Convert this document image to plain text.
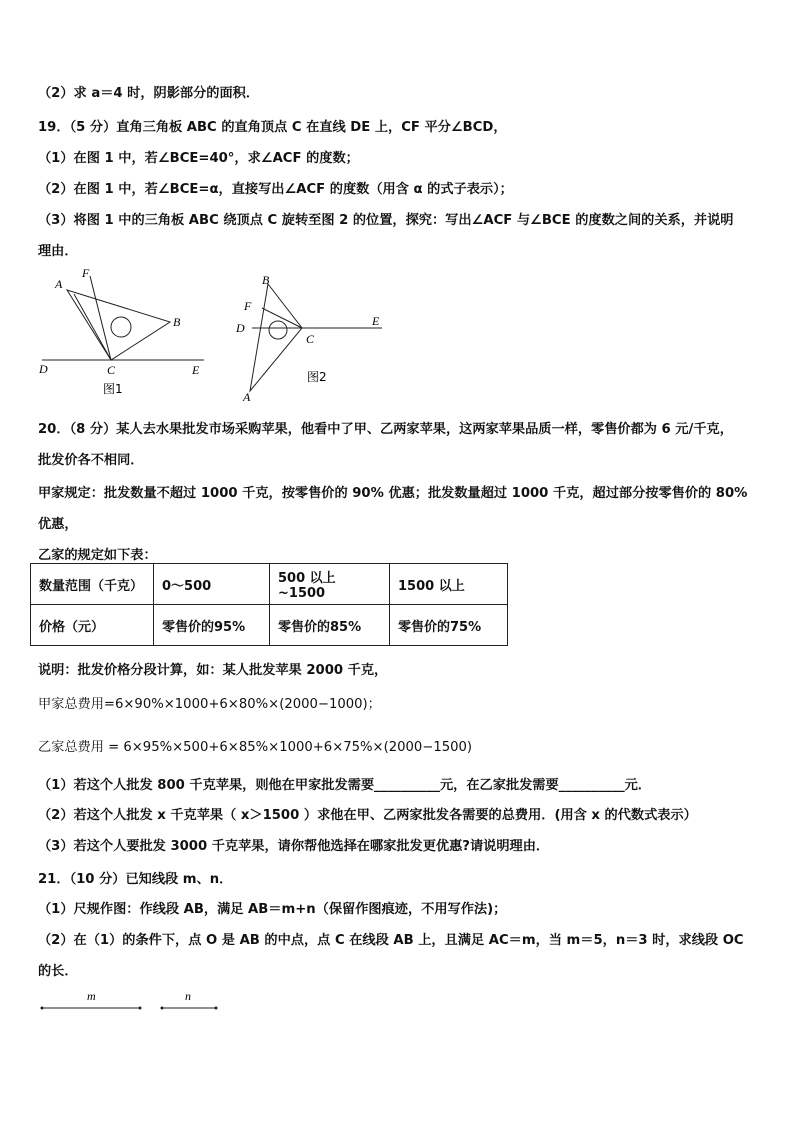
（2）求 a＝4 时，阴影部分的面积．
19．（5 分）直角三角板 ABC 的直角顶点 C 在直线 DE 上，CF 平分∠BCD，
（1）在图 1 中，若∠BCE=40°，求∠ACF 的度数；
（2）在图 1 中，若∠BCE=α，直接写出∠ACF 的度数（用含 α 的式子表示）；
（3）将图 1 中的三角板 ABC 绕顶点 C 旋转至图 2 的位置，探究：写出∠ACF 与∠BCE 的度数之间的关系，并说明
理由．
A
F
B
D	C	E
图1
B
F
D
C
E
A
图2
20．（8 分）某人去水果批发市场采购苹果，他看中了甲、乙两家苹果，这两家苹果品质一样，零售价都为 6 元/千克，
批发价各不相同．
甲家规定：批发数量不超过 1000 千克，按零售价的 90% 优惠；批发数量超过 1000 千克，超过部分按零售价的 80%
优惠，
乙家的规定如下表：
数量范围（千克）	0～500	500 以上~1500	1500 以上
价格（元）	零售价的95%	零售价的85%	零售价的75%
说明：批发价格分段计算，如：某人批发苹果 2000 千克，
甲家总费用=6×90%×1000+6×80%×(2000−1000)；
乙家总费用 = 6×95%×500+6×85%×1000+6×75%×(2000−1500)
（1）若这个人批发 800 千克苹果，则他在甲家批发需要__________元，在乙家批发需要__________元．
（2）若这个人批发 x 千克苹果（ x＞1500 ）求他在甲、乙两家批发各需要的总费用．(用含 x 的代数式表示）
（3）若这个人要批发 3000 千克苹果，请你帮他选择在哪家批发更优惠?请说明理由．
21．（10 分）已知线段 m、n．
（1）尺规作图：作线段 AB，满足 AB＝m+n（保留作图痕迹，不用写作法)；
（2）在（1）的条件下，点 O 是 AB 的中点，点 C 在线段 AB 上，且满足 AC＝m，当 m＝5，n＝3 时，求线段 OC
的长．
m	n
